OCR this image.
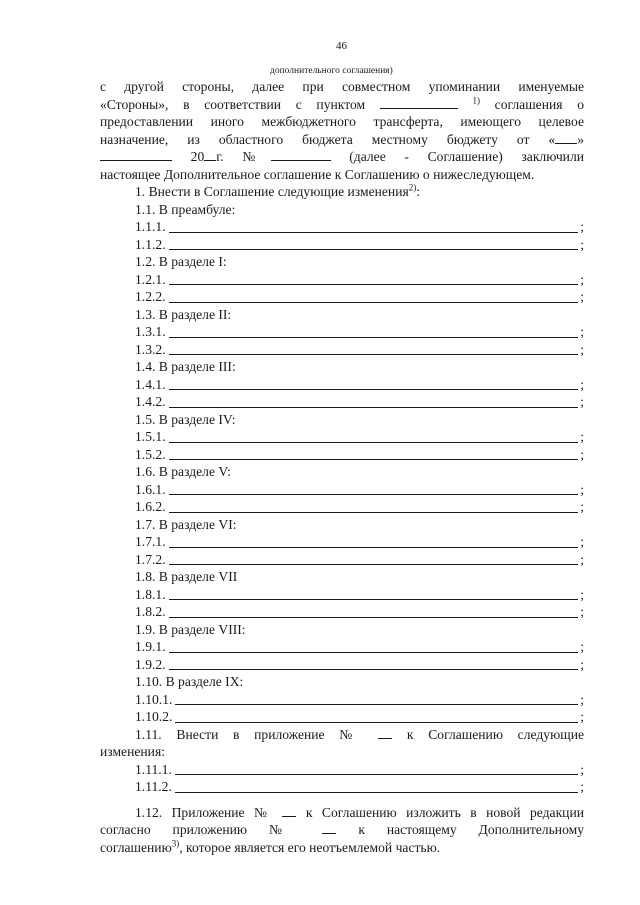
46
дополнительного соглашения)
с другой стороны, далее при совместном упоминании именуемые
«Стороны», в соответствии с пунктом	$^{1)}$ соглашения о
предоставлении иного межбюджетного трансферта, имеющего целевое
назначение, из областного бюджета местному бюджету от « »
20 г. №	(далее - Соглашение) заключили
настоящее Дополнительное соглашение к Соглашению о нижеследующем.
1. Внести в Соглашение следующие изменения$^{2)}$:
1.1. В преамбуле:
1.1.1.	;
1.1.2.	;
1.2. В разделе I:
1.2.1.	;
1.2.2.	;
1.3. В разделе II:
1.3.1.	;
1.3.2.	;
1.4. В разделе III:
1.4.1.	;
1.4.2.	;
1.5. В разделе IV:
1.5.1.	;
1.5.2.	;
1.6. В разделе V:
1.6.1.	;
1.6.2.	;
1.7. В разделе VI:
1.7.1.	;
1.7.2.	;
1.8. В разделе VII
1.8.1.	;
1.8.2.	;
1.9. В разделе VIII:
1.9.1.	;
1.9.2.	;
1.10. В разделе IX:
1.10.1.	;
1.10.2.	;
1.11. Внести в приложение №	к Соглашению следующие
изменения:
1.11.1.	;
1.11.2.	;
1.12. Приложение № к Соглашению изложить в новой редакции
согласно приложению №	к настоящему Дополнительному
соглашению$^{3)}$, которое является его неотъемлемой частью.
